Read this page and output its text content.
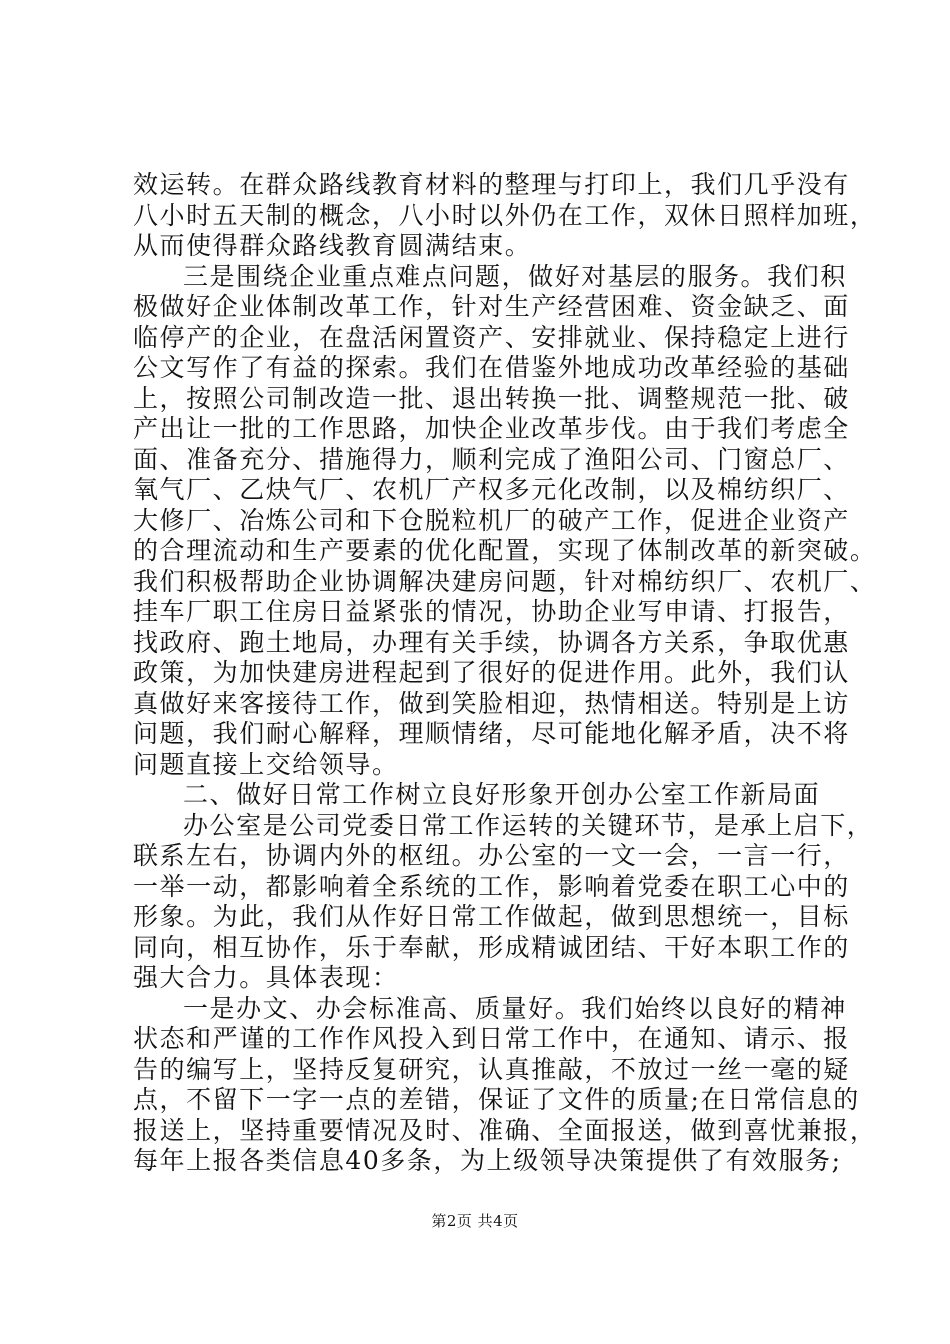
效运转。在群众路线教育材料的整理与打印上，我们几乎没有
八小时五天制的概念，八小时以外仍在工作，双休日照样加班，
从而使得群众路线教育圆满结束。
三是围绕企业重点难点问题，做好对基层的服务。我们积
极做好企业体制改革工作，针对生产经营困难、资金缺乏、面
临停产的企业，在盘活闲置资产、安排就业、保持稳定上进行
公文写作了有益的探索。我们在借鉴外地成功改革经验的基础
上，按照公司制改造一批、退出转换一批、调整规范一批、破
产出让一批的工作思路，加快企业改革步伐。由于我们考虑全
面、准备充分、措施得力，顺利完成了渔阳公司、门窗总厂、
氧气厂、乙炔气厂、农机厂产权多元化改制，以及棉纺织厂、
大修厂、冶炼公司和下仓脱粒机厂的破产工作，促进企业资产
的合理流动和生产要素的优化配置，实现了体制改革的新突破。
我们积极帮助企业协调解决建房问题，针对棉纺织厂、农机厂、
挂车厂职工住房日益紧张的情况，协助企业写申请、打报告，
找政府、跑土地局，办理有关手续，协调各方关系，争取优惠
政策，为加快建房进程起到了很好的促进作用。此外，我们认
真做好来客接待工作，做到笑脸相迎，热情相送。特别是上访
问题，我们耐心解释，理顺情绪，尽可能地化解矛盾，决不将
问题直接上交给领导。
二、做好日常工作树立良好形象开创办公室工作新局面
办公室是公司党委日常工作运转的关键环节，是承上启下，
联系左右，协调内外的枢纽。办公室的一文一会，一言一行，
一举一动，都影响着全系统的工作，影响着党委在职工心中的
形象。为此，我们从作好日常工作做起，做到思想统一，目标
同向，相互协作，乐于奉献，形成精诚团结、干好本职工作的
强大合力。具体表现：
一是办文、办会标准高、质量好。我们始终以良好的精神
状态和严谨的工作作风投入到日常工作中，在通知、请示、报
告的编写上，坚持反复研究，认真推敲，不放过一丝一毫的疑
点，不留下一字一点的差错，保证了文件的质量;在日常信息的
报送上，坚持重要情况及时、准确、全面报送，做到喜忧兼报，
每年上报各类信息40多条，为上级领导决策提供了有效服务;
第2页 共4页
